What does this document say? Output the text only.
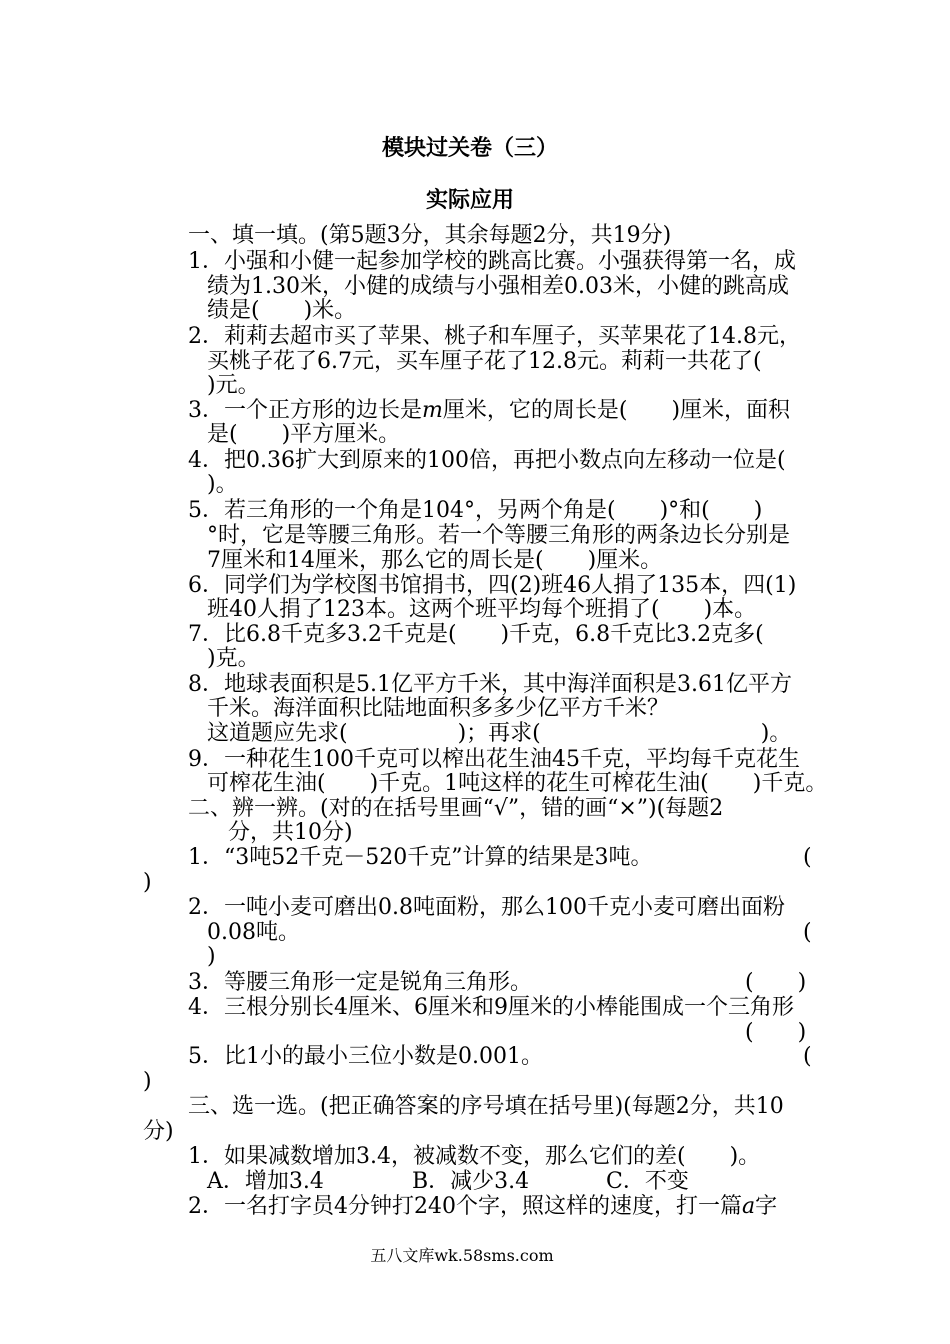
模块过关卷（三）
实际应用
一、填一填。(第5题3分，其余每题2分，共19分)
1．小强和小健一起参加学校的跳高比赛。小强获得第一名，成
绩为1.30米，小健的成绩与小强相差0.03米，小健的跳高成
绩是(　　)米。
2．莉莉去超市买了苹果、桃子和车厘子，买苹果花了14.8元，
买桃子花了6.7元，买车厘子花了12.8元。莉莉一共花了(
)元。
3．一个正方形的边长是m厘米，它的周长是(　　)厘米，面积
是(　　)平方厘米。
4．把0.36扩大到原来的100倍，再把小数点向左移动一位是(
)。
5．若三角形的一个角是104°，另两个角是(　　)°和(　　)
°时，它是等腰三角形。若一个等腰三角形的两条边长分别是
7厘米和14厘米，那么它的周长是(　　)厘米。
6．同学们为学校图书馆捐书，四(2)班46人捐了135本，四(1)
班40人捐了123本。这两个班平均每个班捐了(　　)本。
7．比6.8千克多3.2千克是(　　)千克，6.8千克比3.2克多(
)克。
8．地球表面积是5.1亿平方千米，其中海洋面积是3.61亿平方
千米。海洋面积比陆地面积多多少亿平方千米？
这道题应先求(　　　　　)；再求(　　　　　　　　　　)。
9．一种花生100千克可以榨出花生油45千克，平均每千克花生
可榨花生油(　　)千克。1吨这样的花生可榨花生油(　　)千克。
二、辨一辨。(对的在括号里画“√”，错的画“×”)(每题2
分，共10分)
1．“3吨52千克－520千克”计算的结果是3吨。	(
)
2．一吨小麦可磨出0.8吨面粉，那么100千克小麦可磨出面粉
0.08吨。	(
)
3．等腰三角形一定是锐角三角形。	(　　)
4．三根分别长4厘米、6厘米和9厘米的小棒能围成一个三角形
(　　)
5．比1小的最小三位小数是0.001。	(
)
三、选一选。(把正确答案的序号填在括号里)(每题2分，共10
分)
1．如果减数增加3.4，被减数不变，那么它们的差(　　)。
A．增加3.4	B．减少3.4	C．不变
2．一名打字员4分钟打240个字，照这样的速度，打一篇a字
五八文库wk.58sms.com
